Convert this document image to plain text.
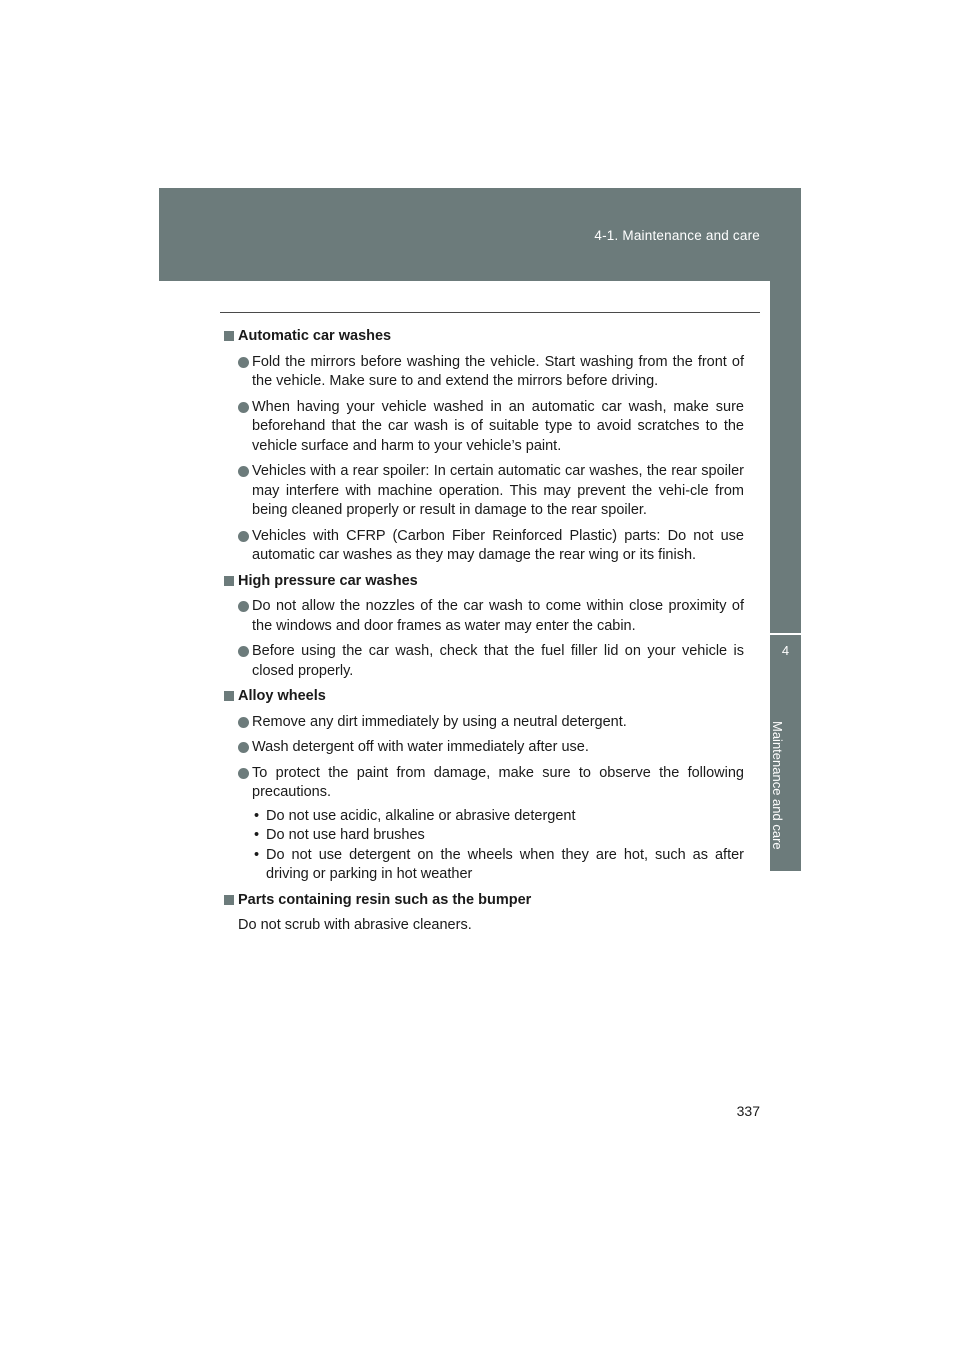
4-1. Maintenance and care
4
Maintenance and care
Automatic car washes
Fold the mirrors before washing the vehicle. Start washing from the front of the vehicle. Make sure to and extend the mirrors before driving.
When having your vehicle washed in an automatic car wash, make sure beforehand that the car wash is of suitable type to avoid scratches to the vehicle surface and harm to your vehicle’s paint.
Vehicles with a rear spoiler: In certain automatic car washes, the rear spoiler may interfere with machine operation. This may prevent the vehi-cle from being cleaned properly or result in damage to the rear spoiler.
Vehicles with CFRP (Carbon Fiber Reinforced Plastic) parts: Do not use automatic car washes as they may damage the rear wing or its finish.
High pressure car washes
Do not allow the nozzles of the car wash to come within close proximity of the windows and door frames as water may enter the cabin.
Before using the car wash, check that the fuel filler lid on your vehicle is closed properly.
Alloy wheels
Remove any dirt immediately by using a neutral detergent.
Wash detergent off with water immediately after use.
To protect the paint from damage, make sure to observe the following precautions.
• Do not use acidic, alkaline or abrasive detergent
• Do not use hard brushes
• Do not use detergent on the wheels when they are hot, such as after driving or parking in hot weather
Parts containing resin such as the bumper
Do not scrub with abrasive cleaners.
337
